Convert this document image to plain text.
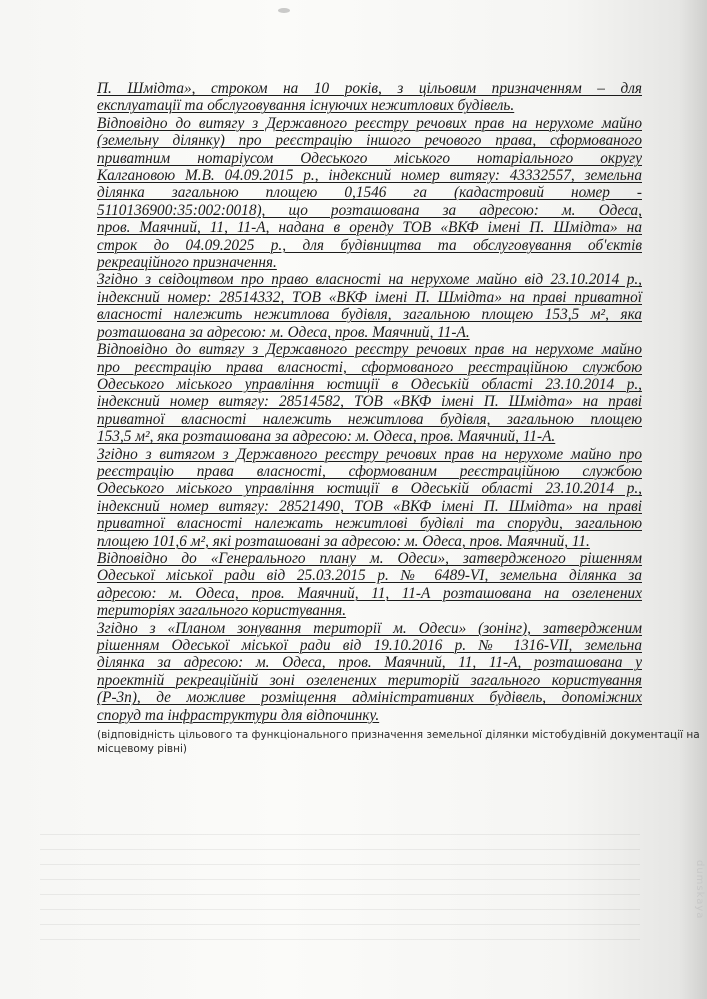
П. Шмідта», строком на 10 років, з цільовим призначенням – для
експлуатації та обслуговування існуючих нежитлових будівель.
Відповідно до витягу з Державного реєстру речових прав на нерухоме майно
(земельну ділянку) про реєстрацію іншого речового права, сформованого
приватним нотаріусом Одеського міського нотаріального округу
Калгановою М.В. 04.09.2015 р., індексний номер витягу: 43332557, земельна
ділянка загальною площею 0,1546 га (кадастровий номер -
5110136900:35:002:0018), що розташована за адресою: м. Одеса,
пров. Маячний, 11, 11-А, надана в оренду ТОВ «ВКФ імені П. Шмідта» на
строк до 04.09.2025 р., для будівництва та обслуговування об'єктів
рекреаційного призначення.
Згідно з свідоцтвом про право власності на нерухоме майно від 23.10.2014 р.,
індексний номер: 28514332, ТОВ «ВКФ імені П. Шмідта» на праві приватної
власності належить нежитлова будівля, загальною площею 153,5 м², яка
розташована за адресою: м. Одеса, пров. Маячний, 11-А.
Відповідно до витягу з Державного реєстру речових прав на нерухоме майно
про реєстрацію права власності, сформованого реєстраційною службою
Одеського міського управління юстиції в Одеській області 23.10.2014 р.,
індексний номер витягу: 28514582, ТОВ «ВКФ імені П. Шмідта» на праві
приватної власності належить нежитлова будівля, загальною площею
153,5 м², яка розташована за адресою: м. Одеса, пров. Маячний, 11-А.
Згідно з витягом з Державного реєстру речових прав на нерухоме майно про
реєстрацію права власності, сформованим реєстраційною службою
Одеського міського управління юстиції в Одеській області 23.10.2014 р.,
індексний номер витягу: 28521490, ТОВ «ВКФ імені П. Шмідта» на праві
приватної власності належать нежитлові будівлі та споруди, загальною
площею 101,6 м², які розташовані за адресою: м. Одеса, пров. Маячний, 11.
Відповідно до «Генерального плану м. Одеси», затвердженого рішенням
Одеської міської ради від 25.03.2015 р. № 6489-VI, земельна ділянка за
адресою: м. Одеса, пров. Маячний, 11, 11-А розташована на озеленених
територіях загального користування.
Згідно з «Планом зонування території м. Одеси» (зонінг), затвердженим
рішенням Одеської міської ради від 19.10.2016 р. № 1316-VII, земельна
ділянка за адресою: м. Одеса, пров. Маячний, 11, 11-А, розташована у
проектній рекреаційній зоні озеленених територій загального користування
(Р-3п), де можливе розміщення адміністративних будівель, допоміжних
споруд та інфраструктури для відпочинку.
(відповідність цільового та функціонального призначення земельної ділянки містобудівній документації на
місцевому рівні)
dumskaya
